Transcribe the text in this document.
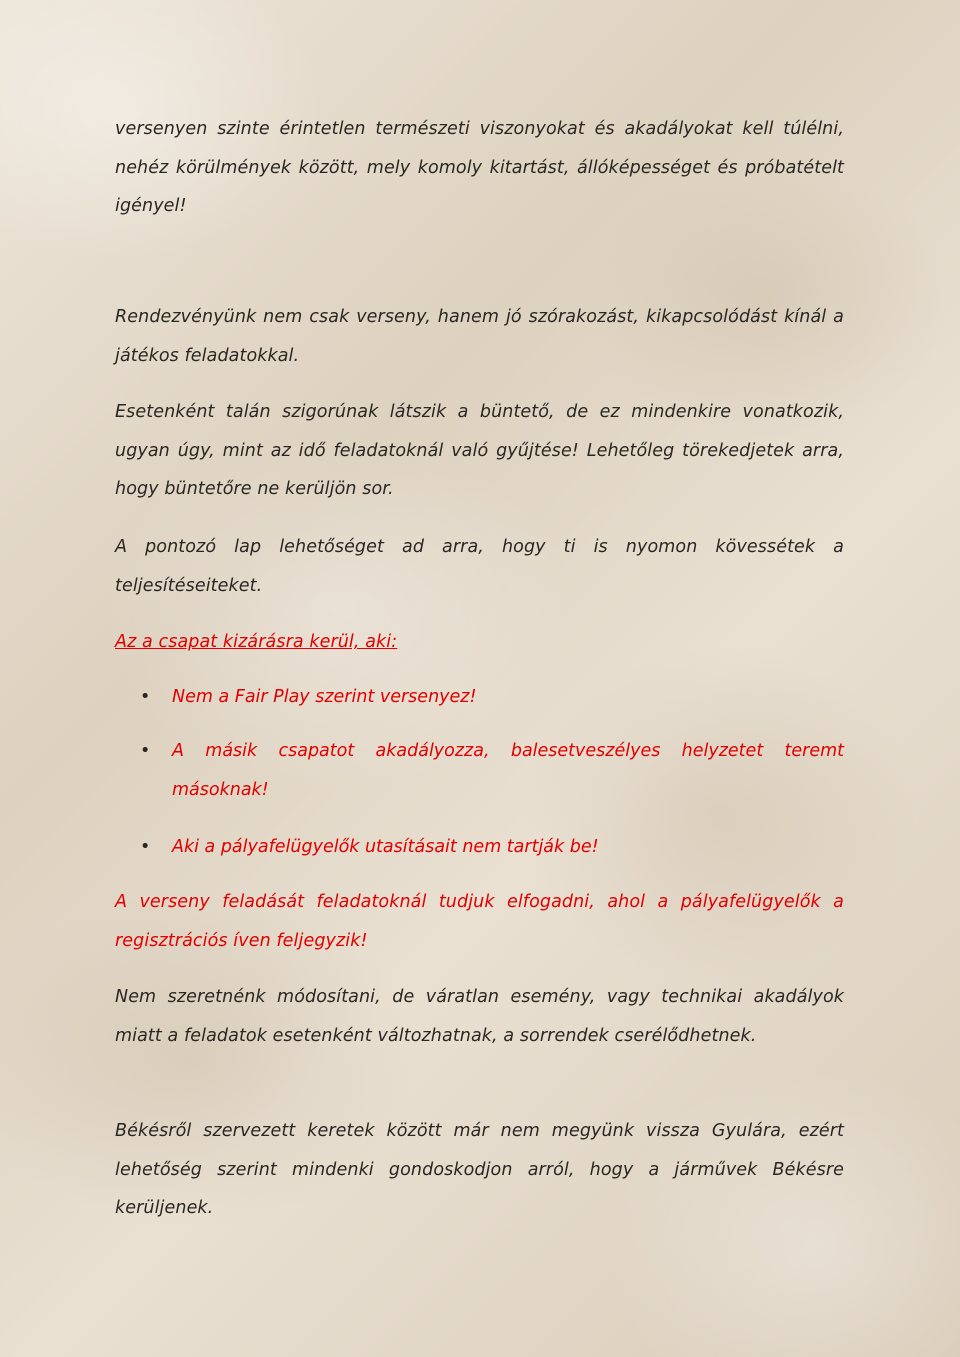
versenyen szinte érintetlen természeti viszonyokat és akadályokat kell túlélni, nehéz körülmények között, mely komoly kitartást, állóképességet és próbatételt igényel!

Rendezvényünk nem csak verseny, hanem jó szórakozást, kikapcsolódást kínál a játékos feladatokkal.

Esetenként talán szigorúnak látszik a büntető, de ez mindenkire vonatkozik, ugyan úgy, mint az idő feladatoknál való gyűjtése! Lehetőleg törekedjetek arra, hogy büntetőre ne kerüljön sor.

A pontozó lap lehetőséget ad arra, hogy ti is nyomon kövessétek a teljesítéseiteket.

Az a csapat kizárásra kerül, aki:

• Nem a Fair Play szerint versenyez!
• A másik csapatot akadályozza, balesetveszélyes helyzetet teremt másoknak!
• Aki a pályafelügyelők utasításait nem tartják be!

A verseny feladását feladatoknál tudjuk elfogadni, ahol a pályafelügyelők a regisztrációs íven feljegyzik!

Nem szeretnénk módosítani, de váratlan esemény, vagy technikai akadályok miatt a feladatok esetenként változhatnak, a sorrendek cserélődhetnek.

Békésről szervezett keretek között már nem megyünk vissza Gyulára, ezért lehetőség szerint mindenki gondoskodjon arról, hogy a járművek Békésre kerüljenek.
